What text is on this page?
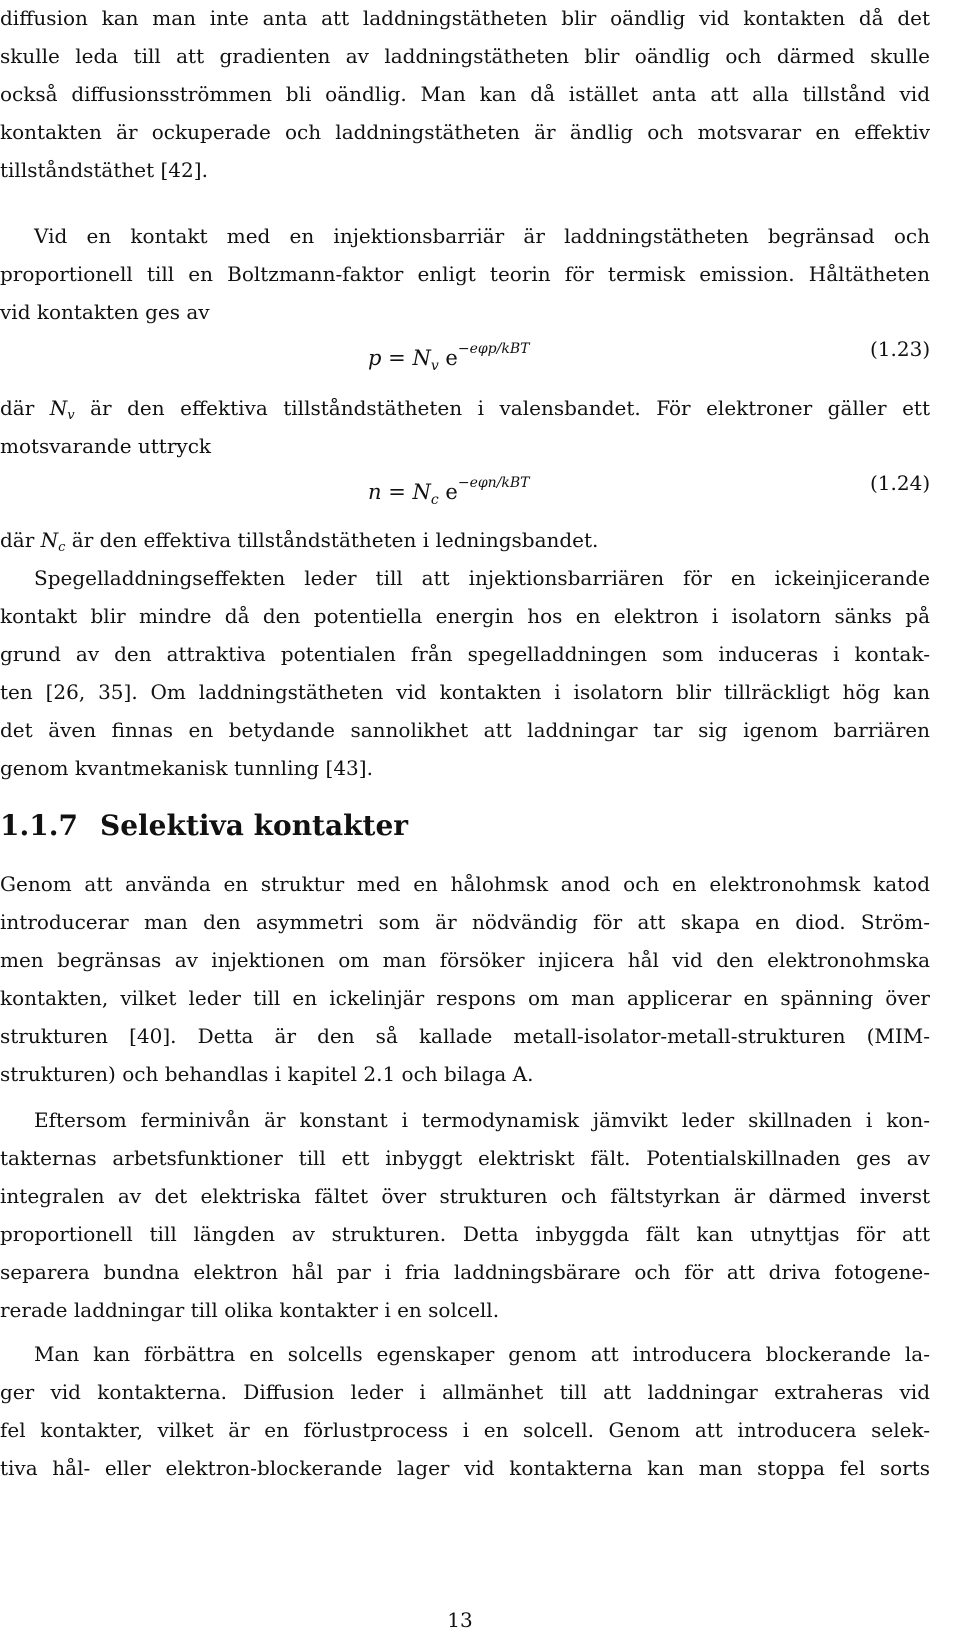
diffusion kan man inte anta att laddningstätheten blir oändlig vid kontakten då det
skulle leda till att gradienten av laddningstätheten blir oändlig och därmed skulle
också diffusionsströmmen bli oändlig. Man kan då istället anta att alla tillstånd vid
kontakten är ockuperade och laddningstätheten är ändlig och motsvarar en effektiv
tillståndstäthet [42].
Vid en kontakt med en injektionsbarriär är laddningstätheten begränsad och
proportionell till en Boltzmann-faktor enligt teorin för termisk emission. Håltätheten
vid kontakten ges av
$p = N_v$ $e^{-e\varphi p/kBT}$	(1.23)
där $N_v$ är den effektiva tillståndstätheten i valensbandet. För elektroner gäller ett
motsvarande uttryck
$n = N_c$ $e^{-e\varphi n/kBT}$	(1.24)
där $N_c$ är den effektiva tillståndstätheten i ledningsbandet.
Spegelladdningseffekten leder till att injektionsbarriären för en ickeinjicerande
kontakt blir mindre då den potentiella energin hos en elektron i isolatorn sänks på
grund av den attraktiva potentialen från spegelladdningen som induceras i kontak-
ten [26, 35]. Om laddningstätheten vid kontakten i isolatorn blir tillräckligt hög kan
det även finnas en betydande sannolikhet att laddningar tar sig igenom barriären
genom kvantmekanisk tunnling [43].
1.1.7 Selektiva kontakter
Genom att använda en struktur med en hålohmsk anod och en elektronohmsk katod
introducerar man den asymmetri som är nödvändig för att skapa en diod. Ström-
men begränsas av injektionen om man försöker injicera hål vid den elektronohmska
kontakten, vilket leder till en ickelinjär respons om man applicerar en spänning över
strukturen [40]. Detta är den så kallade metall-isolator-metall-strukturen (MIM-
strukturen) och behandlas i kapitel 2.1 och bilaga A.
Eftersom ferminivån är konstant i termodynamisk jämvikt leder skillnaden i kon-
takternas arbetsfunktioner till ett inbyggt elektriskt fält. Potentialskillnaden ges av
integralen av det elektriska fältet över strukturen och fältstyrkan är därmed inverst
proportionell till längden av strukturen. Detta inbyggda fält kan utnyttjas för att
separera bundna elektron hål par i fria laddningsbärare och för att driva fotogene-
rerade laddningar till olika kontakter i en solcell.
Man kan förbättra en solcells egenskaper genom att introducera blockerande la-
ger vid kontakterna. Diffusion leder i allmänhet till att laddningar extraheras vid
fel kontakter, vilket är en förlustprocess i en solcell. Genom att introducera selek-
tiva hål- eller elektron-blockerande lager vid kontakterna kan man stoppa fel sorts
13
